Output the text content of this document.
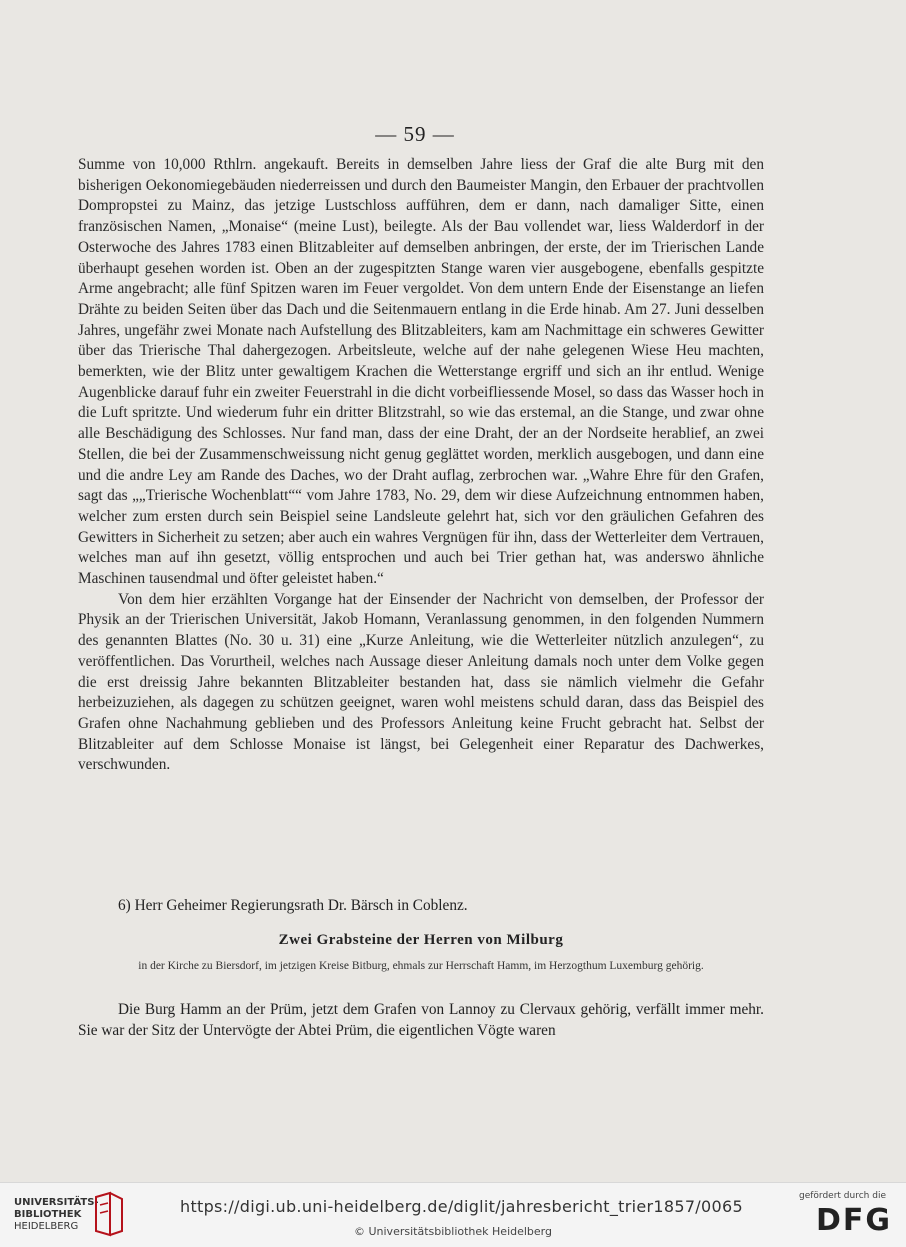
— 59 —

Summe von 10,000 Rthlrn. angekauft. Bereits in demselben Jahre liess der Graf die alte Burg mit den bisherigen Oekonomiegebäuden niederreissen und durch den Baumeister Mangin, den Erbauer der prachtvollen Dompropstei zu Mainz, das jetzige Lustschloss aufführen, dem er dann, nach damaliger Sitte, einen französischen Namen, „Monaise“ (meine Lust), beilegte. Als der Bau vollendet war, liess Walderdorf in der Osterwoche des Jahres 1783 einen Blitzableiter auf demselben anbringen, der erste, der im Trierischen Lande überhaupt gesehen worden ist. Oben an der zugespitzten Stange waren vier ausgebogene, ebenfalls gespitzte Arme angebracht; alle fünf Spitzen waren im Feuer vergoldet. Von dem untern Ende der Eisenstange an liefen Drähte zu beiden Seiten über das Dach und die Seitenmauern entlang in die Erde hinab. Am 27. Juni desselben Jahres, ungefähr zwei Monate nach Aufstellung des Blitzableiters, kam am Nachmittage ein schweres Gewitter über das Trierische Thal dahergezogen. Arbeitsleute, welche auf der nahe gelegenen Wiese Heu machten, bemerkten, wie der Blitz unter gewaltigem Krachen die Wetterstange ergriff und sich an ihr entlud. Wenige Augenblicke darauf fuhr ein zweiter Feuerstrahl in die dicht vorbeifliessende Mosel, so dass das Wasser hoch in die Luft spritzte. Und wiederum fuhr ein dritter Blitzstrahl, so wie das erstemal, an die Stange, und zwar ohne alle Beschädigung des Schlosses. Nur fand man, dass der eine Draht, der an der Nordseite herablief, an zwei Stellen, die bei der Zusammenschweissung nicht genug geglättet worden, merklich ausgebogen, und dann eine und die andre Ley am Rande des Daches, wo der Draht auflag, zerbrochen war. „Wahre Ehre für den Grafen, sagt das „„Trierische Wochenblatt““ vom Jahre 1783, No. 29, dem wir diese Aufzeichnung entnommen haben, welcher zum ersten durch sein Beispiel seine Landsleute gelehrt hat, sich vor den gräulichen Gefahren des Gewitters in Sicherheit zu setzen; aber auch ein wahres Vergnügen für ihn, dass der Wetterleiter dem Vertrauen, welches man auf ihn gesetzt, völlig entsprochen und auch bei Trier gethan hat, was anderswo ähnliche Maschinen tausendmal und öfter geleistet haben.“

Von dem hier erzählten Vorgange hat der Einsender der Nachricht von demselben, der Professor der Physik an der Trierischen Universität, Jakob Homann, Veranlassung genommen, in den folgenden Nummern des genannten Blattes (No. 30 u. 31) eine „Kurze Anleitung, wie die Wetterleiter nützlich anzulegen“, zu veröffentlichen. Das Vorurtheil, welches nach Aussage dieser Anleitung damals noch unter dem Volke gegen die erst dreissig Jahre bekannten Blitzableiter bestanden hat, dass sie nämlich vielmehr die Gefahr herbeizuziehen, als dagegen zu schützen geeignet, waren wohl meistens schuld daran, dass das Beispiel des Grafen ohne Nachahmung geblieben und des Professors Anleitung keine Frucht gebracht hat. Selbst der Blitzableiter auf dem Schlosse Monaise ist längst, bei Gelegenheit einer Reparatur des Dachwerkes, verschwunden.

6) Herr Geheimer Regierungsrath Dr. Bärsch in Coblenz.
Zwei Grabsteine der Herren von Milburg
in der Kirche zu Biersdorf, im jetzigen Kreise Bitburg, ehmals zur Herrschaft Hamm, im Herzogthum Luxemburg gehörig.
Die Burg Hamm an der Prüm, jetzt dem Grafen von Lannoy zu Clervaux gehörig, verfällt immer mehr. Sie war der Sitz der Untervögte der Abtei Prüm, die eigentlichen Vögte waren
UNIVERSITÄTS-
BIBLIOTHEK
HEIDELBERG
https://digi.ub.uni-heidelberg.de/diglit/jahresbericht_trier1857/0065
© Universitätsbibliothek Heidelberg
gefördert durch die
DFG
